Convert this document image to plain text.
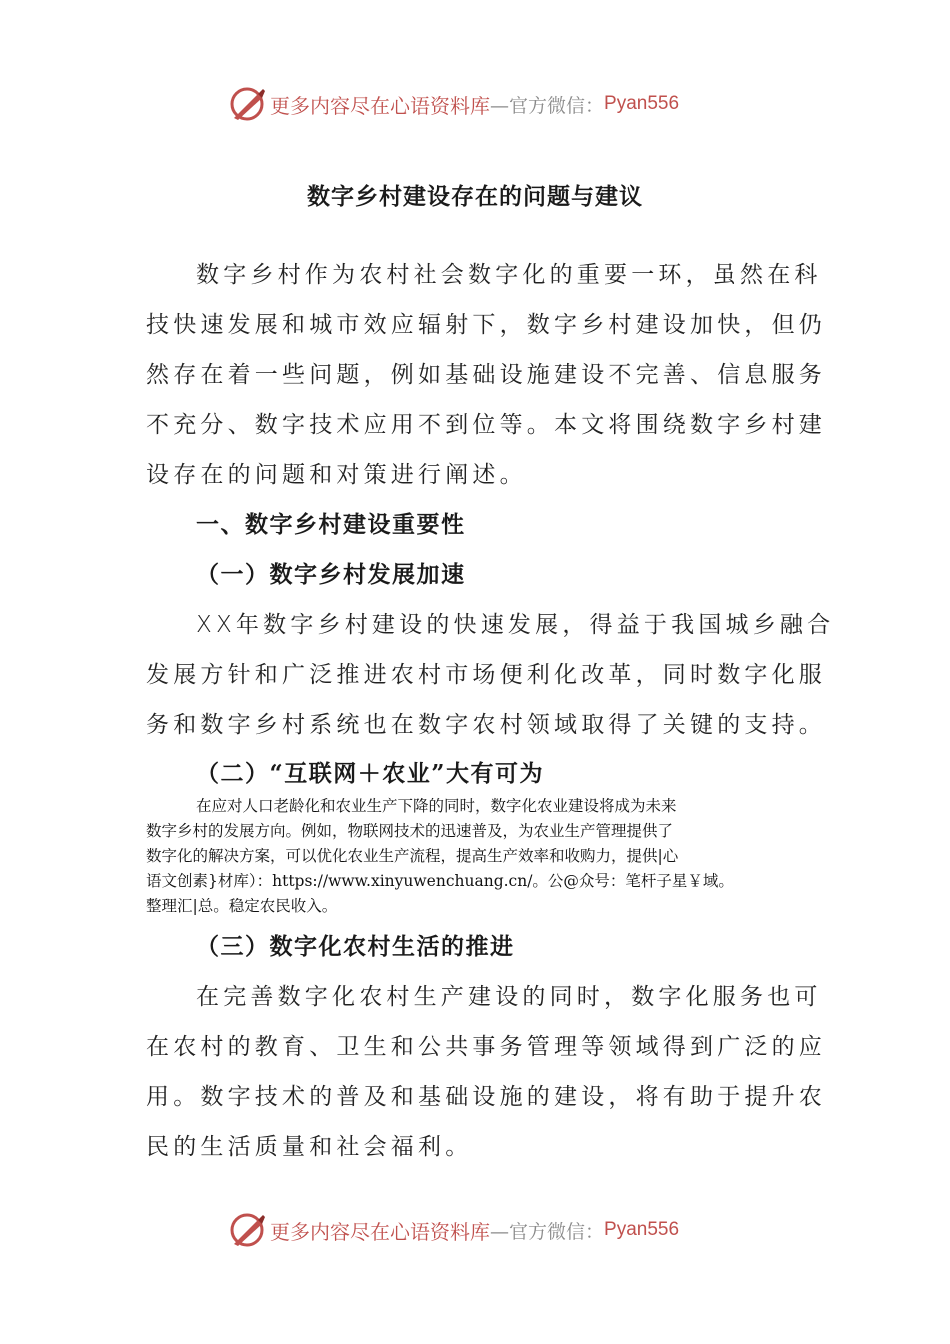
更多内容尽在心语资料库 —官方微信： Pyan556
数字乡村建设存在的问题与建议
数字乡村作为农村社会数字化的重要一环，虽然在科
技快速发展和城市效应辐射下，数字乡村建设加快，但仍
然存在着一些问题，例如基础设施建设不完善、信息服务
不充分、数字技术应用不到位等。本文将围绕数字乡村建
设存在的问题和对策进行阐述。
一、数字乡村建设重要性
（一）数字乡村发展加速
XX年数字乡村建设的快速发展，得益于我国城乡融合
发展方针和广泛推进农村市场便利化改革，同时数字化服
务和数字乡村系统也在数字农村领域取得了关键的支持。
（二）“互联网＋农业”大有可为
在应对人口老龄化和农业生产下降的同时，数字化农业建设将成为未来
数字乡村的发展方向。例如，物联网技术的迅速普及，为农业生产管理提供了
数字化的解决方案，可以优化农业生产流程，提高生产效率和收购力，提供|心
语文创素}材库）：https://www.xinyuwenchuang.cn/。公@众号：笔杆子星￥域。
整理汇|总。稳定农民收入。
（三）数字化农村生活的推进
在完善数字化农村生产建设的同时，数字化服务也可
在农村的教育、卫生和公共事务管理等领域得到广泛的应
用。数字技术的普及和基础设施的建设，将有助于提升农
民的生活质量和社会福利。
更多内容尽在心语资料库 —官方微信： Pyan556
